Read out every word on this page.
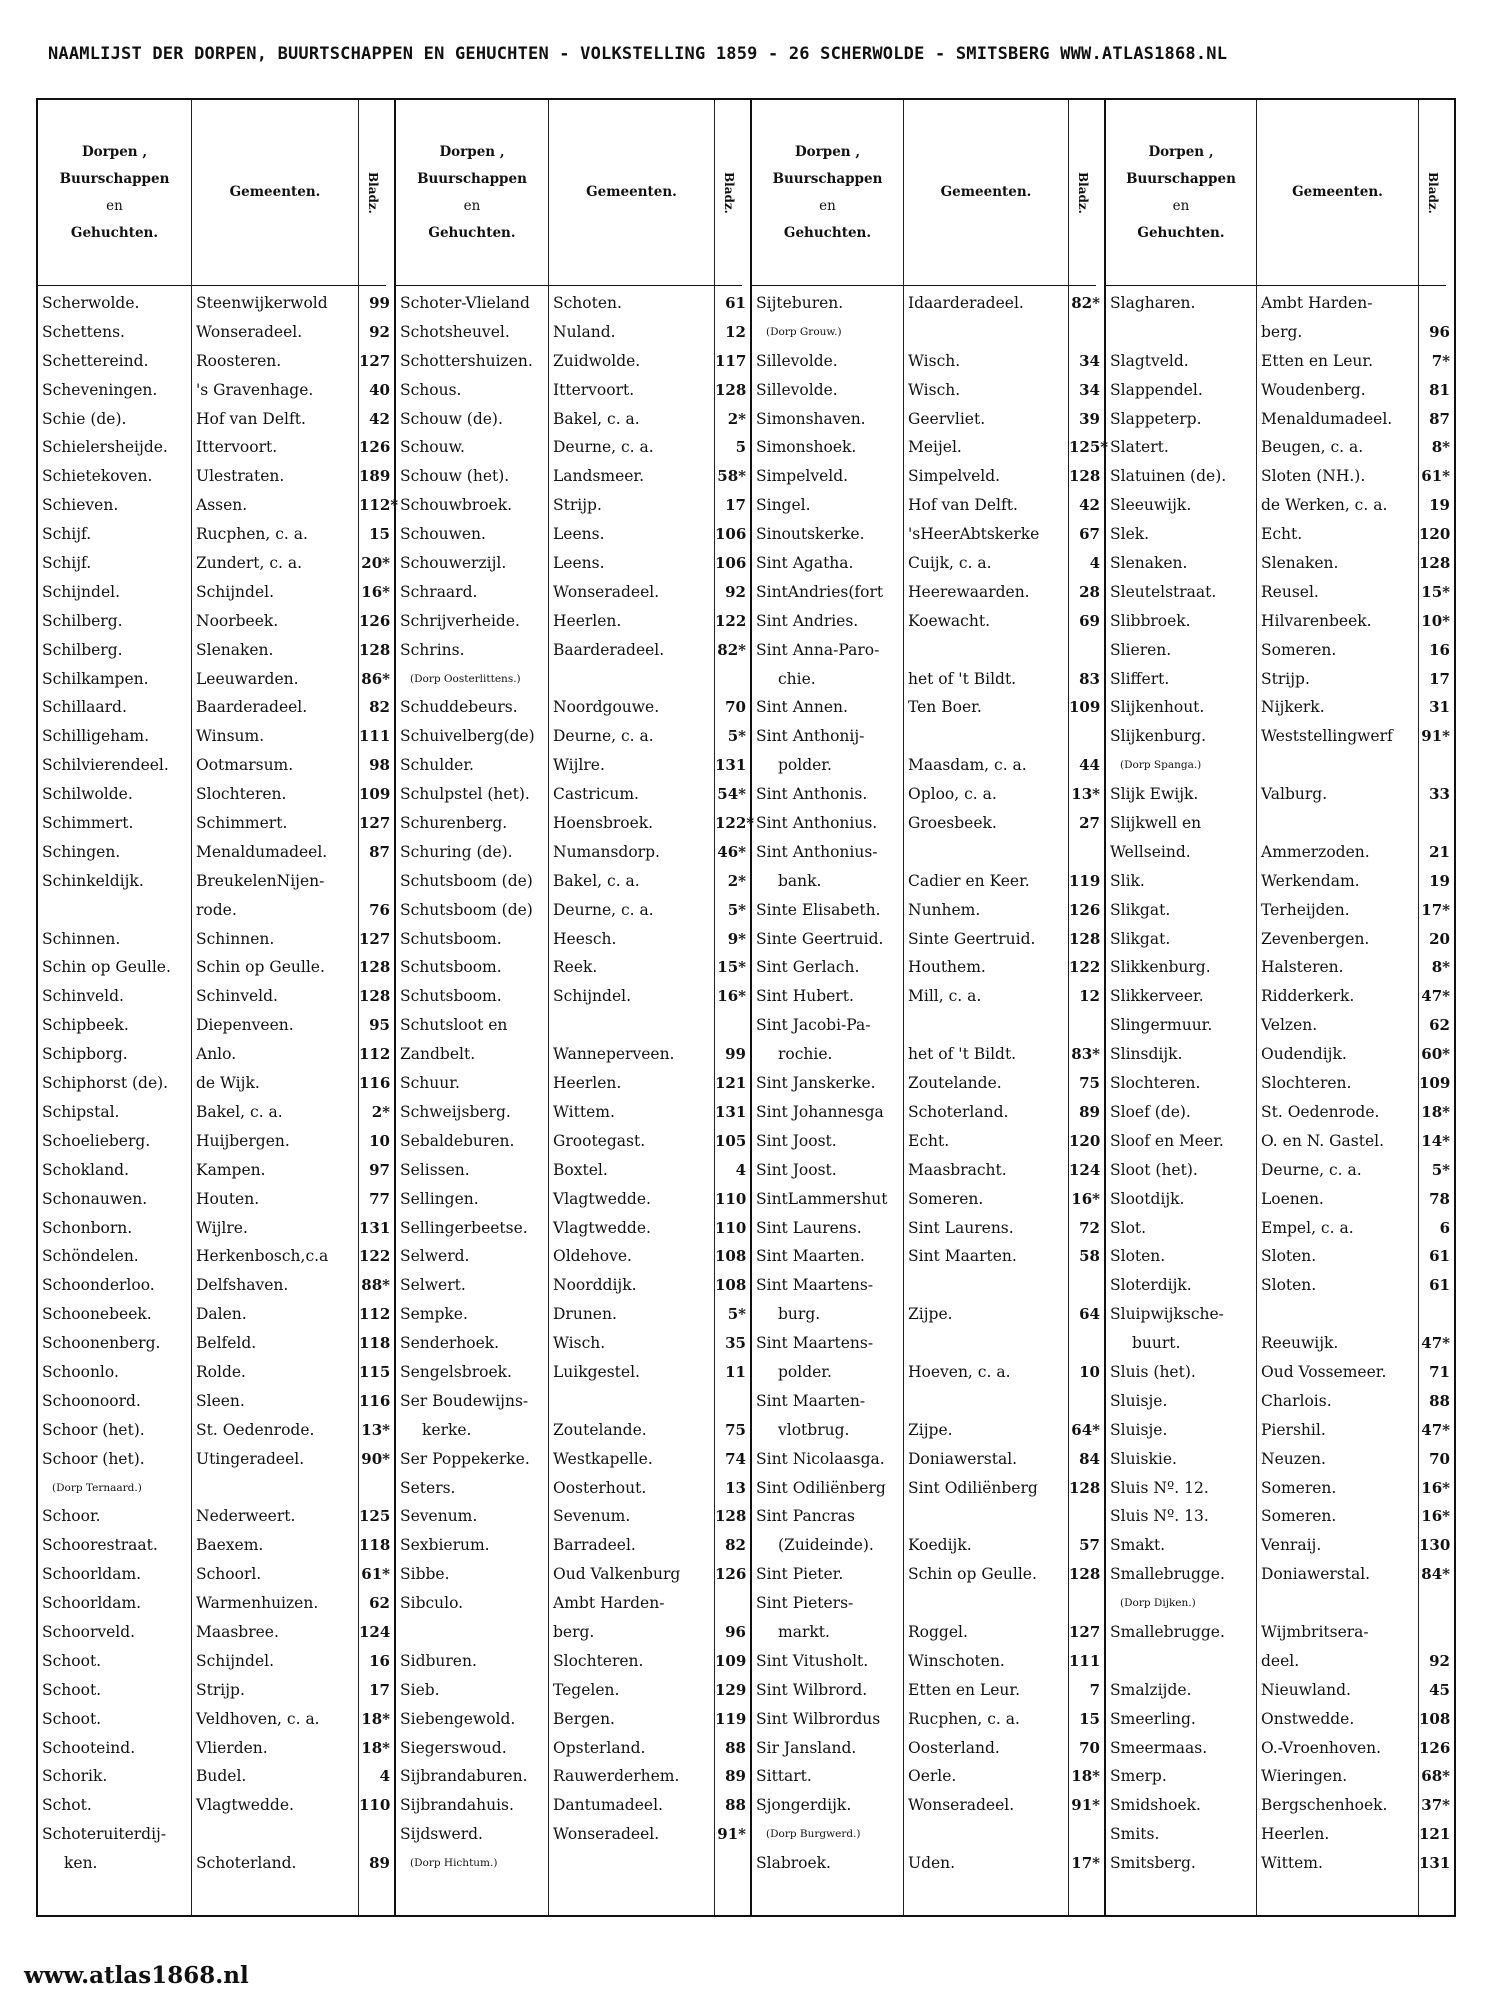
NAAMLIJST DER DORPEN, BUURTSCHAPPEN EN GEHUCHTEN - VOLKSTELLING 1859 - 26 SCHERWOLDE - SMITSBERG WWW.ATLAS1868.NL
Dorpen ,
Buurschappen
en
Gehuchten.
Scherwolde.
Schettens.
Schettereind.
Scheveningen.
Schie (de).
Schielersheijde.
Schietekoven.
Schieven.
Schijf.
Schijf.
Schijndel.
Schilberg.
Schilberg.
Schilkampen.
Schillaard.
Schilligeham.
Schilvierendeel.
Schilwolde.
Schimmert.
Schingen.
Schinkeldijk.
Schinnen.
Schin op Geulle.
Schinveld.
Schipbeek.
Schipborg.
Schiphorst (de).
Schipstal.
Schoelieberg.
Schokland.
Schonauwen.
Schonborn.
Schöndelen.
Schoonderloo.
Schoonebeek.
Schoonenberg.
Schoonlo.
Schoonoord.
Schoor (het).
Schoor (het).
(Dorp Ternaard.)
Schoor.
Schoorestraat.
Schoorldam.
Schoorldam.
Schoorveld.
Schoot.
Schoot.
Schoot.
Schooteind.
Schorik.
Schot.
Schoteruiterdij-
ken.
Gemeenten.
Steenwijkerwold
Wonseradeel.
Roosteren.
's Gravenhage.
Hof van Delft.
Ittervoort.
Ulestraten.
Assen.
Rucphen, c. a.
Zundert, c. a.
Schijndel.
Noorbeek.
Slenaken.
Leeuwarden.
Baarderadeel.
Winsum.
Ootmarsum.
Slochteren.
Schimmert.
Menaldumadeel.
BreukelenNijen-
rode.
Schinnen.
Schin op Geulle.
Schinveld.
Diepenveen.
Anlo.
de Wijk.
Bakel, c. a.
Huijbergen.
Kampen.
Houten.
Wijlre.
Herkenbosch,c.a
Delfshaven.
Dalen.
Belfeld.
Rolde.
Sleen.
St. Oedenrode.
Utingeradeel.
Nederweert.
Baexem.
Schoorl.
Warmenhuizen.
Maasbree.
Schijndel.
Strijp.
Veldhoven, c. a.
Vlierden.
Budel.
Vlagtwedde.
Schoterland.
Bladz.
99
92
127
40
42
126
189
112*
15
20*
16*
126
128
86*
82
111
98
109
127
87
76
127
128
128
95
112
116
2*
10
97
77
131
122
88*
112
118
115
116
13*
90*
125
118
61*
62
124
16
17
18*
18*
4
110
89
Dorpen ,
Buurschappen
en
Gehuchten.
Schoter-Vlieland
Schotsheuvel.
Schottershuizen.
Schous.
Schouw (de).
Schouw.
Schouw (het).
Schouwbroek.
Schouwen.
Schouwerzijl.
Schraard.
Schrijverheide.
Schrins.
(Dorp Oosterlittens.)
Schuddebeurs.
Schuivelberg(de)
Schulder.
Schulpstel (het).
Schurenberg.
Schuring (de).
Schutsboom (de)
Schutsboom (de)
Schutsboom.
Schutsboom.
Schutsboom.
Schutsloot en
Zandbelt.
Schuur.
Schweijsberg.
Sebaldeburen.
Selissen.
Sellingen.
Sellingerbeetse.
Selwerd.
Selwert.
Sempke.
Senderhoek.
Sengelsbroek.
Ser Boudewijns-
kerke.
Ser Poppekerke.
Seters.
Sevenum.
Sexbierum.
Sibbe.
Sibculo.
Sidburen.
Sieb.
Siebengewold.
Siegerswoud.
Sijbrandaburen.
Sijbrandahuis.
Sijdswerd.
(Dorp Hichtum.)
Gemeenten.
Schoten.
Nuland.
Zuidwolde.
Ittervoort.
Bakel, c. a.
Deurne, c. a.
Landsmeer.
Strijp.
Leens.
Leens.
Wonseradeel.
Heerlen.
Baarderadeel.
Noordgouwe.
Deurne, c. a.
Wijlre.
Castricum.
Hoensbroek.
Numansdorp.
Bakel, c. a.
Deurne, c. a.
Heesch.
Reek.
Schijndel.
Wanneperveen.
Heerlen.
Wittem.
Grootegast.
Boxtel.
Vlagtwedde.
Vlagtwedde.
Oldehove.
Noorddijk.
Drunen.
Wisch.
Luikgestel.
Zoutelande.
Westkapelle.
Oosterhout.
Sevenum.
Barradeel.
Oud Valkenburg
Ambt Harden-
berg.
Slochteren.
Tegelen.
Bergen.
Opsterland.
Rauwerderhem.
Dantumadeel.
Wonseradeel.
Bladz.
61
12
117
128
2*
5
58*
17
106
106
92
122
82*
70
5*
131
54*
122*
46*
2*
5*
9*
15*
16*
99
121
131
105
4
110
110
108
108
5*
35
11
75
74
13
128
82
126
96
109
129
119
88
89
88
91*
Dorpen ,
Buurschappen
en
Gehuchten.
Sijteburen.
(Dorp Grouw.)
Sillevolde.
Sillevolde.
Simonshaven.
Simonshoek.
Simpelveld.
Singel.
Sinoutskerke.
Sint Agatha.
SintAndries(fort
Sint Andries.
Sint Anna-Paro-
chie.
Sint Annen.
Sint Anthonij-
polder.
Sint Anthonis.
Sint Anthonius.
Sint Anthonius-
bank.
Sinte Elisabeth.
Sinte Geertruid.
Sint Gerlach.
Sint Hubert.
Sint Jacobi-Pa-
rochie.
Sint Janskerke.
Sint Johannesga
Sint Joost.
Sint Joost.
SintLammershut
Sint Laurens.
Sint Maarten.
Sint Maartens-
burg.
Sint Maartens-
polder.
Sint Maarten-
vlotbrug.
Sint Nicolaasga.
Sint Odiliënberg
Sint Pancras
(Zuideinde).
Sint Pieter.
Sint Pieters-
markt.
Sint Vitusholt.
Sint Wilbrord.
Sint Wilbrordus
Sir Jansland.
Sittart.
Sjongerdijk.
(Dorp Burgwerd.)
Slabroek.
Gemeenten.
Idaarderadeel.
Wisch.
Wisch.
Geervliet.
Meijel.
Simpelveld.
Hof van Delft.
'sHeerAbtskerke
Cuijk, c. a.
Heerewaarden.
Koewacht.
het of 't Bildt.
Ten Boer.
Maasdam, c. a.
Oploo, c. a.
Groesbeek.
Cadier en Keer.
Nunhem.
Sinte Geertruid.
Houthem.
Mill, c. a.
het of 't Bildt.
Zoutelande.
Schoterland.
Echt.
Maasbracht.
Someren.
Sint Laurens.
Sint Maarten.
Zijpe.
Hoeven, c. a.
Zijpe.
Doniawerstal.
Sint Odiliënberg
Koedijk.
Schin op Geulle.
Roggel.
Winschoten.
Etten en Leur.
Rucphen, c. a.
Oosterland.
Oerle.
Wonseradeel.
Uden.
Bladz.
82*
34
34
39
125*
128
42
67
4
28
69
83
109
44
13*
27
119
126
128
122
12
83*
75
89
120
124
16*
72
58
64
10
64*
84
128
57
128
127
111
7
15
70
18*
91*
17*
Dorpen ,
Buurschappen
en
Gehuchten.
Slagharen.
Slagtveld.
Slappendel.
Slappeterp.
Slatert.
Slatuinen (de).
Sleeuwijk.
Slek.
Slenaken.
Sleutelstraat.
Slibbroek.
Slieren.
Sliffert.
Slijkenhout.
Slijkenburg.
(Dorp Spanga.)
Slijk Ewijk.
Slijkwell en
Wellseind.
Slik.
Slikgat.
Slikgat.
Slikkenburg.
Slikkerveer.
Slingermuur.
Slinsdijk.
Slochteren.
Sloef (de).
Sloof en Meer.
Sloot (het).
Slootdijk.
Slot.
Sloten.
Sloterdijk.
Sluipwijksche-
buurt.
Sluis (het).
Sluisje.
Sluisje.
Sluiskie.
Sluis Nº. 12.
Sluis Nº. 13.
Smakt.
Smallebrugge.
(Dorp Dijken.)
Smallebrugge.
Smalzijde.
Smeerling.
Smeermaas.
Smerp.
Smidshoek.
Smits.
Smitsberg.
Gemeenten.
Ambt Harden-
berg.
Etten en Leur.
Woudenberg.
Menaldumadeel.
Beugen, c. a.
Sloten (NH.).
de Werken, c. a.
Echt.
Slenaken.
Reusel.
Hilvarenbeek.
Someren.
Strijp.
Nijkerk.
Weststellingwerf
Valburg.
Ammerzoden.
Werkendam.
Terheijden.
Zevenbergen.
Halsteren.
Ridderkerk.
Velzen.
Oudendijk.
Slochteren.
St. Oedenrode.
O. en N. Gastel.
Deurne, c. a.
Loenen.
Empel, c. a.
Sloten.
Sloten.
Reeuwijk.
Oud Vossemeer.
Charlois.
Piershil.
Neuzen.
Someren.
Someren.
Venraij.
Doniawerstal.
Wijmbritsera-
deel.
Nieuwland.
Onstwedde.
O.-Vroenhoven.
Wieringen.
Bergschenhoek.
Heerlen.
Wittem.
Bladz.
96
7*
81
87
8*
61*
19
120
128
15*
10*
16
17
31
91*
33
21
19
17*
20
8*
47*
62
60*
109
18*
14*
5*
78
6
61
61
47*
71
88
47*
70
16*
16*
130
84*
92
45
108
126
68*
37*
121
131
www.atlas1868.nl
